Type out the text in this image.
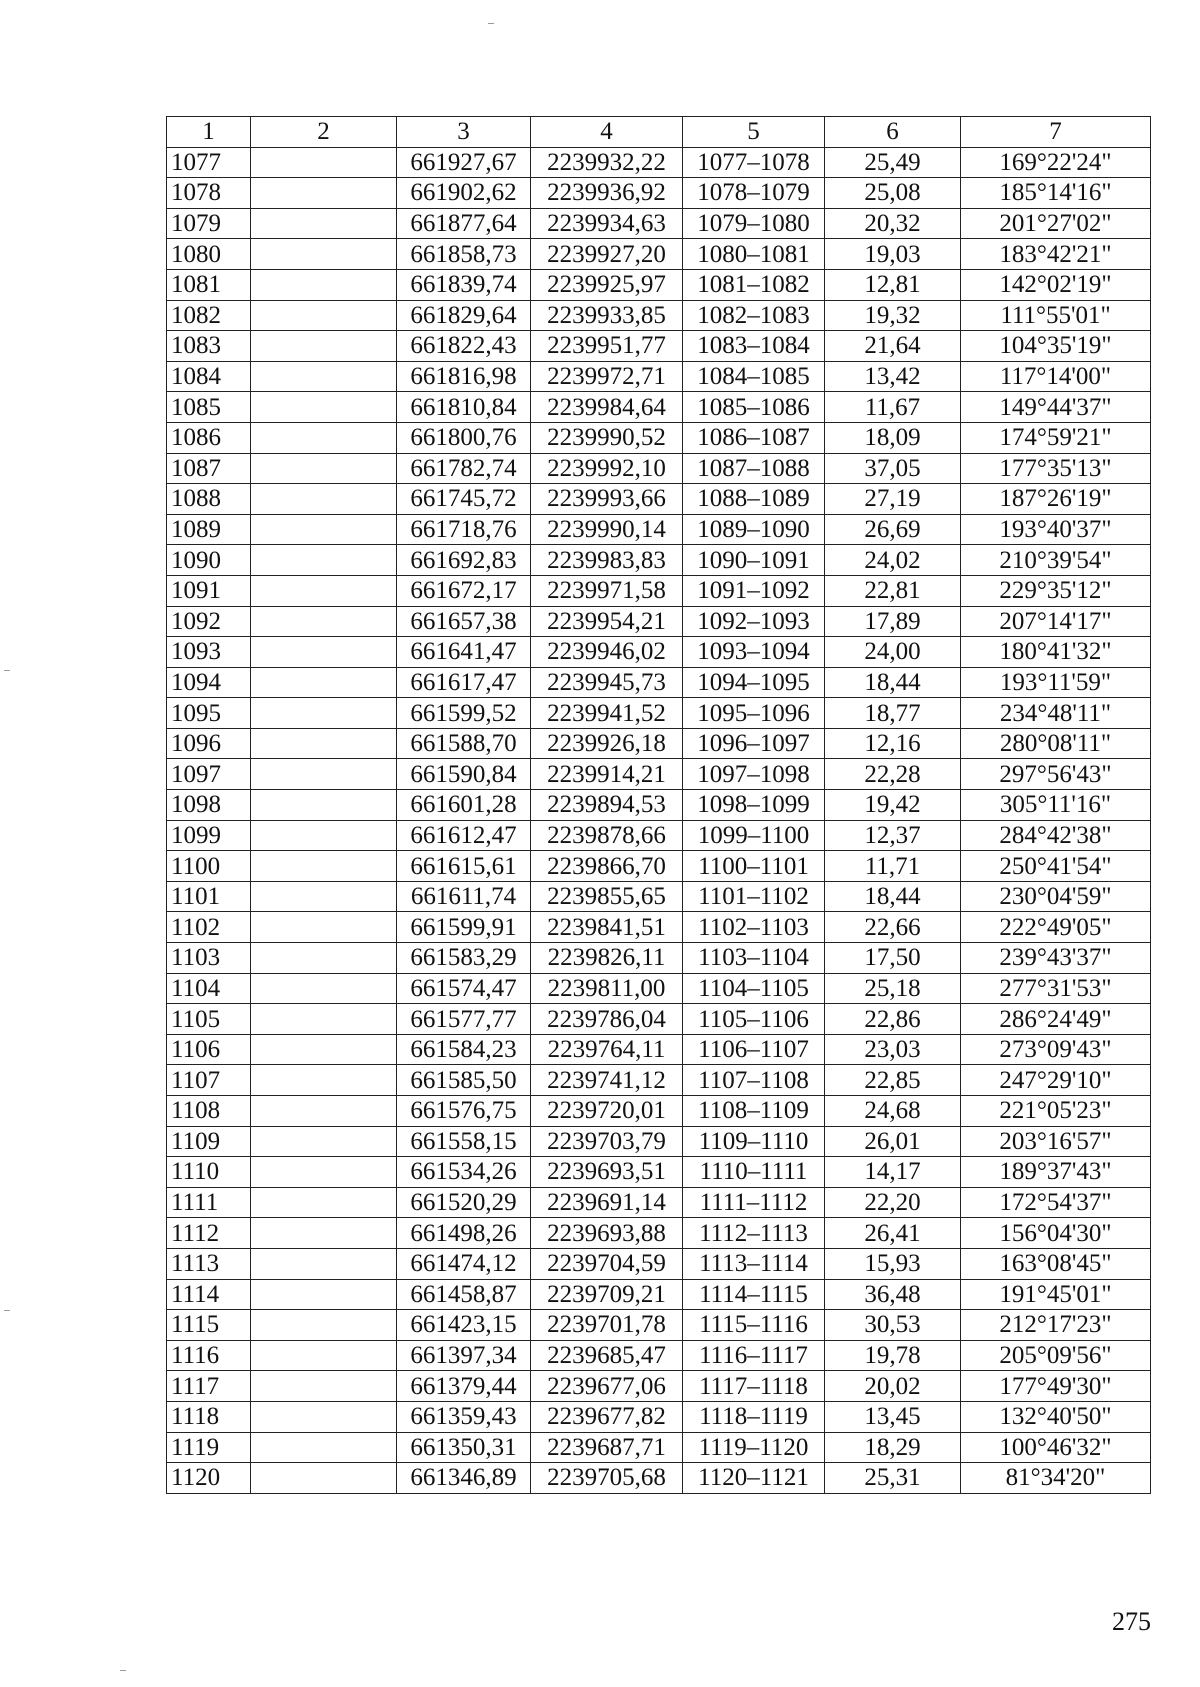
1	2	3	4	5	6	7
1077		661927,67	2239932,22	1077–1078	25,49	169°22'24"
1078		661902,62	2239936,92	1078–1079	25,08	185°14'16"
1079		661877,64	2239934,63	1079–1080	20,32	201°27'02"
1080		661858,73	2239927,20	1080–1081	19,03	183°42'21"
1081		661839,74	2239925,97	1081–1082	12,81	142°02'19"
1082		661829,64	2239933,85	1082–1083	19,32	111°55'01"
1083		661822,43	2239951,77	1083–1084	21,64	104°35'19"
1084		661816,98	2239972,71	1084–1085	13,42	117°14'00"
1085		661810,84	2239984,64	1085–1086	11,67	149°44'37"
1086		661800,76	2239990,52	1086–1087	18,09	174°59'21"
1087		661782,74	2239992,10	1087–1088	37,05	177°35'13"
1088		661745,72	2239993,66	1088–1089	27,19	187°26'19"
1089		661718,76	2239990,14	1089–1090	26,69	193°40'37"
1090		661692,83	2239983,83	1090–1091	24,02	210°39'54"
1091		661672,17	2239971,58	1091–1092	22,81	229°35'12"
1092		661657,38	2239954,21	1092–1093	17,89	207°14'17"
1093		661641,47	2239946,02	1093–1094	24,00	180°41'32"
1094		661617,47	2239945,73	1094–1095	18,44	193°11'59"
1095		661599,52	2239941,52	1095–1096	18,77	234°48'11"
1096		661588,70	2239926,18	1096–1097	12,16	280°08'11"
1097		661590,84	2239914,21	1097–1098	22,28	297°56'43"
1098		661601,28	2239894,53	1098–1099	19,42	305°11'16"
1099		661612,47	2239878,66	1099–1100	12,37	284°42'38"
1100		661615,61	2239866,70	1100–1101	11,71	250°41'54"
1101		661611,74	2239855,65	1101–1102	18,44	230°04'59"
1102		661599,91	2239841,51	1102–1103	22,66	222°49'05"
1103		661583,29	2239826,11	1103–1104	17,50	239°43'37"
1104		661574,47	2239811,00	1104–1105	25,18	277°31'53"
1105		661577,77	2239786,04	1105–1106	22,86	286°24'49"
1106		661584,23	2239764,11	1106–1107	23,03	273°09'43"
1107		661585,50	2239741,12	1107–1108	22,85	247°29'10"
1108		661576,75	2239720,01	1108–1109	24,68	221°05'23"
1109		661558,15	2239703,79	1109–1110	26,01	203°16'57"
1110		661534,26	2239693,51	1110–1111	14,17	189°37'43"
1111		661520,29	2239691,14	1111–1112	22,20	172°54'37"
1112		661498,26	2239693,88	1112–1113	26,41	156°04'30"
1113		661474,12	2239704,59	1113–1114	15,93	163°08'45"
1114		661458,87	2239709,21	1114–1115	36,48	191°45'01"
1115		661423,15	2239701,78	1115–1116	30,53	212°17'23"
1116		661397,34	2239685,47	1116–1117	19,78	205°09'56"
1117		661379,44	2239677,06	1117–1118	20,02	177°49'30"
1118		661359,43	2239677,82	1118–1119	13,45	132°40'50"
1119		661350,31	2239687,71	1119–1120	18,29	100°46'32"
1120		661346,89	2239705,68	1120–1121	25,31	81°34'20"
275
